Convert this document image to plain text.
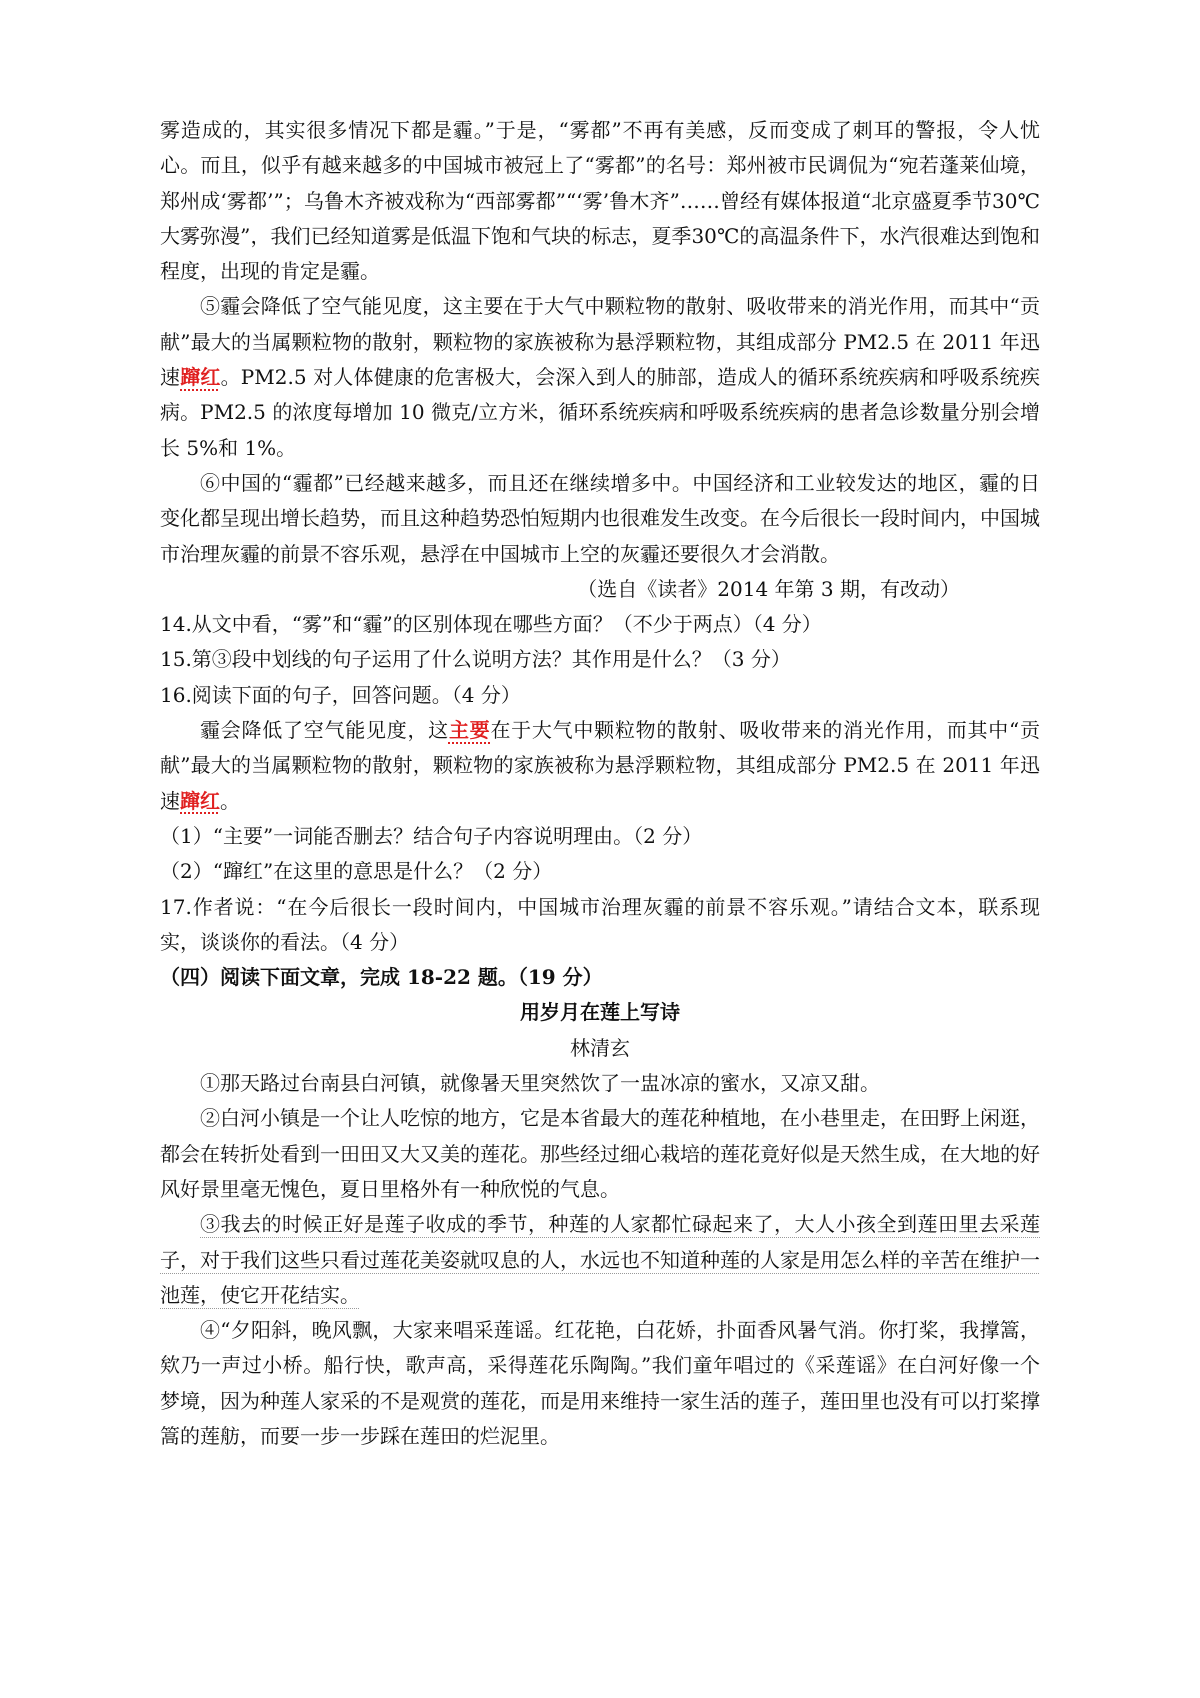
雾造成的，其实很多情况下都是霾。”于是，“雾都”不再有美感，反而变成了刺耳的警报，令人忧心。而且，似乎有越来越多的中国城市被冠上了“雾都”的名号：郑州被市民调侃为“宛若蓬莱仙境，郑州成‘雾都’”；乌鲁木齐被戏称为“西部雾都”“‘雾’鲁木齐”……曾经有媒体报道“北京盛夏季节30℃大雾弥漫”，我们已经知道雾是低温下饱和气块的标志，夏季30℃的高温条件下，水汽很难达到饱和程度，出现的肯定是霾。

⑤霾会降低了空气能见度，这主要在于大气中颗粒物的散射、吸收带来的消光作用，而其中“贡献”最大的当属颗粒物的散射，颗粒物的家族被称为悬浮颗粒物，其组成部分 PM2.5 在 2011 年迅速蹿红。PM2.5 对人体健康的危害极大，会深入到人的肺部，造成人的循环系统疾病和呼吸系统疾病。PM2.5 的浓度每增加 10 微克/立方米，循环系统疾病和呼吸系统疾病的患者急诊数量分别会增长 5%和 1%。

⑥中国的“霾都”已经越来越多，而且还在继续增多中。中国经济和工业较发达的地区，霾的日变化都呈现出增长趋势，而且这种趋势恐怕短期内也很难发生改变。在今后很长一段时间内，中国城市治理灰霾的前景不容乐观，悬浮在中国城市上空的灰霾还要很久才会消散。

（选自《读者》2014 年第 3 期，有改动）

14.从文中看，“雾”和“霾”的区别体现在哪些方面？（不少于两点）（4 分）

15.第③段中划线的句子运用了什么说明方法？其作用是什么？（3 分）

16.阅读下面的句子，回答问题。（4 分）

霾会降低了空气能见度，这主要在于大气中颗粒物的散射、吸收带来的消光作用，而其中“贡献”最大的当属颗粒物的散射，颗粒物的家族被称为悬浮颗粒物，其组成部分 PM2.5 在 2011 年迅速蹿红。

（1）“主要”一词能否删去？结合句子内容说明理由。（2 分）

（2）“蹿红”在这里的意思是什么？（2 分）

17.作者说：“在今后很长一段时间内，中国城市治理灰霾的前景不容乐观。”请结合文本，联系现实，谈谈你的看法。（4 分）

（四）阅读下面文章，完成 18-22 题。（19 分）

用岁月在莲上写诗

林清玄

①那天路过台南县白河镇，就像暑天里突然饮了一盅冰凉的蜜水，又凉又甜。

②白河小镇是一个让人吃惊的地方，它是本省最大的莲花种植地，在小巷里走，在田野上闲逛，都会在转折处看到一田田又大又美的莲花。那些经过细心栽培的莲花竟好似是天然生成，在大地的好风好景里毫无愧色，夏日里格外有一种欣悦的气息。

③我去的时候正好是莲子收成的季节，种莲的人家都忙碌起来了，大人小孩全到莲田里去采莲子，对于我们这些只看过莲花美姿就叹息的人，水远也不知道种莲的人家是用怎么样的辛苦在维护一池莲，使它开花结实。

④“夕阳斜，晚风飘，大家来唱采莲谣。红花艳，白花娇，扑面香风暑气消。你打桨，我撑篙，欸乃一声过小桥。船行快，歌声高，采得莲花乐陶陶。”我们童年唱过的《采莲谣》在白河好像一个梦境，因为种莲人家采的不是观赏的莲花，而是用来维持一家生活的莲子，莲田里也没有可以打桨撑篙的莲舫，而要一步一步踩在莲田的烂泥里。
